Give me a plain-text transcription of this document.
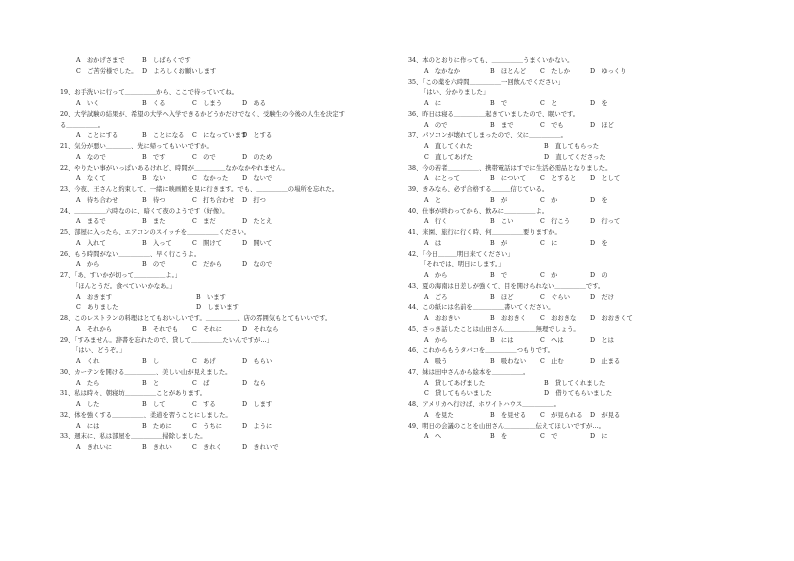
A　おかげさまで	B　しばらくです
C　ご苦労様でした。 D　よろしくお願いします
19、お手洗いに行って＿＿＿＿＿から、ここで待っていてね。
A　いく	B　くる	C　しまう	D　ある
20、大学試験の結果が、希望の大学へ入学できるかどうかだけでなく、受験生の今後の人生を決定す
る＿＿＿＿＿。
A　ことにする	B　ことになる C　になっています
D　とする
21、気分が悪い＿＿＿＿、先に帰ってもいいですか。
A　なので	B　です	C　ので	D　のため
22、やりたい事がいっぱいあるけれど、時間が＿＿＿＿＿なかなかやれません。
A　なくて	B　ない	C　なかった D　ないで
23、今夜、王さんと約束して、一緒に映画館を見に行きます。でも、＿＿＿＿＿の場所を忘れた。
A　待ち合わせ	B　待つ	C　打ち合わせ D　打つ
24、＿＿＿＿＿六時なのに、暗くて夜のようです（好像）。
A　まるで	B　また	C　まだ	D　たとえ
25、部屋に入ったら、エアコンのスイッチを＿＿＿＿＿ください。
A　入れて	B　入って	C　開けて	D　開いて
26、もう時間がない＿＿＿＿＿、早く行こうよ。
A　から	B　ので	C　だから	D　なので
27、「あ、すいかが切って＿＿＿＿＿よ。」
「ほんとうだ。食べていいかなあ。」
A　おきます	B　います
C　ありました	D　しまいます
28、このレストランの料理はとてもおいしいです。＿＿＿＿＿、店の雰囲気もとてもいいです。
A　それから	B　それでも C　それに	D　それなら
29、「すみません。辞書を忘れたので、貸して＿＿＿＿＿たいんですが…」
「はい、どうぞ。」
A　くれ	B　し	C　あげ	D　もらい
30、カーテンを開ける＿＿＿＿＿、美しい山が見えました。
A　たら	B　と	C　ば	D　なら
31、私は時々、朝寝坊＿＿＿＿＿ことがあります。
A　した	B　して	C　する	D　します
32、体を強くする＿＿＿＿＿、柔道を習うことにしました。
A　には	B　ために	C　うちに	D　ように
33、週末に、私は部屋を＿＿＿＿＿掃除しました。
A　きれいに	B　きれい	C　きれく	D　きれいで
34、本のとおりに作っても、＿＿＿＿＿うまくいかない。
A　なかなか	B　ほとんど C　たしか	D　ゆっくり
35、「この薬を六時間＿＿＿＿＿一回飲んでください」
「はい、分かりました」
A　に	B　で	C　と	D　を
36、昨日は寝る＿＿＿＿＿起きていましたので、眠いです。
A　ので	B　まで	C　でも	D　ほど
37、パソコンが壊れてしまったので、父に＿＿＿＿＿。
A　直してくれた	B　直してもらった
C　直してあげた	D　直してくださった
38、今の若者＿＿＿＿＿、携帯電話はすでに生活必需品となりました。
A　にとって	B　について C　とすると D　として
39、きみなら、必ず合格する＿＿＿信じている。
A　と	B　が	C　か	D　を
40、仕事が終わってから、飲みに＿＿＿＿＿よ。
A　行く	B　こい	C　行こう	D　行って
41、来園、旅行に行く時、何＿＿＿＿＿要りますか。
A　は	B　が	C　に	D　を
42、「今日＿＿＿明日来てください」
「それでは、明日にします。」
A　から	B　で	C　か	D　の
43、夏の海南は日差しが強くて、目を開けられない＿＿＿＿＿です。
A　ごろ	B　ほど	C　ぐらい	D　だけ
44、この紙には名前を＿＿＿＿＿書いてください。
A　おおきい	B　おおきく C　おおきな D　おおきくて
45、さっき話したことは山田さん＿＿＿＿＿無理でしょう。
A　から	B　には	C　へは	D　とは
46、これからもうタバコを＿＿＿＿＿つもりです。
A　吸う	B　吸わない C　止む	D　止まる
47、妹は田中さんから絵本を＿＿＿＿＿。
A　貸してあげました	B　貸してくれました
C　貸してもらいました	D　借りてもらいました
48、アメリカへ行けば、ホワイトハウス＿＿＿＿＿。
A　を見た	B　を見せる C　が見られる D　が見る
49、明日の会議のことを山田さん＿＿＿＿＿伝えてほしいですが…。
A　へ	B　を	C　で	D　に
